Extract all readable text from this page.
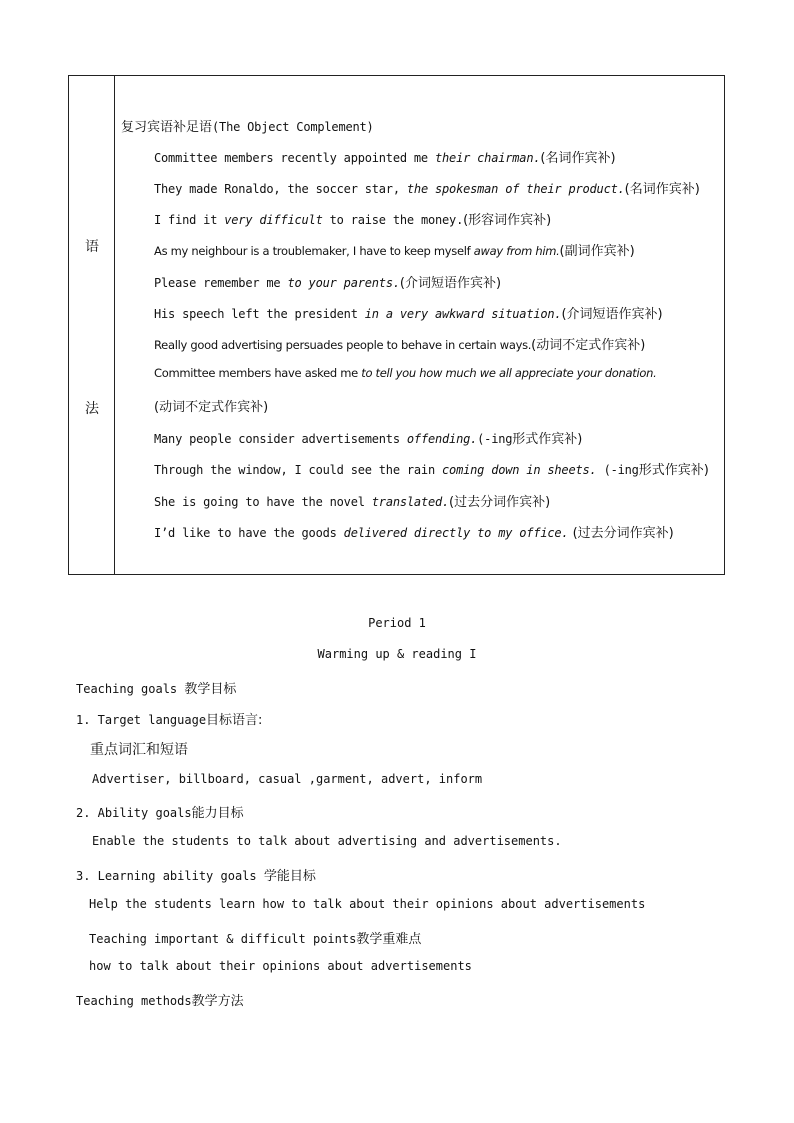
语
法
复习宾语补足语(The Object Complement)
Committee members recently appointed me their chairman.(名词作宾补)
They made Ronaldo, the soccer star, the spokesman of their product.(名词作宾补)
I find it very difficult to raise the money.(形容词作宾补)
As my neighbour is a troublemaker, I have to keep myself away from him.(副词作宾补)
Please remember me to your parents.(介词短语作宾补)
His speech left the president in a very awkward situation.(介词短语作宾补)
Really good advertising persuades people to behave in certain ways.(动词不定式作宾补)
Committee members have asked me to tell you how much we all appreciate your donation.
(动词不定式作宾补)
Many people consider advertisements offending.(-ing形式作宾补)
Through the window, I could see the rain coming down in sheets. (-ing形式作宾补)
She is going to have the novel translated.(过去分词作宾补)
I’d like to have the goods delivered directly to my office. (过去分词作宾补)
Period 1
Warming up & reading I
Teaching goals 教学目标
1. Target language目标语言:
重点词汇和短语
Advertiser, billboard, casual ,garment, advert, inform
2. Ability goals能力目标
Enable the students to talk about advertising and advertisements.
3. Learning ability goals 学能目标
Help the students learn how to talk about their opinions about advertisements
Teaching important & difficult points教学重难点
how to talk about their opinions about advertisements
Teaching methods教学方法
